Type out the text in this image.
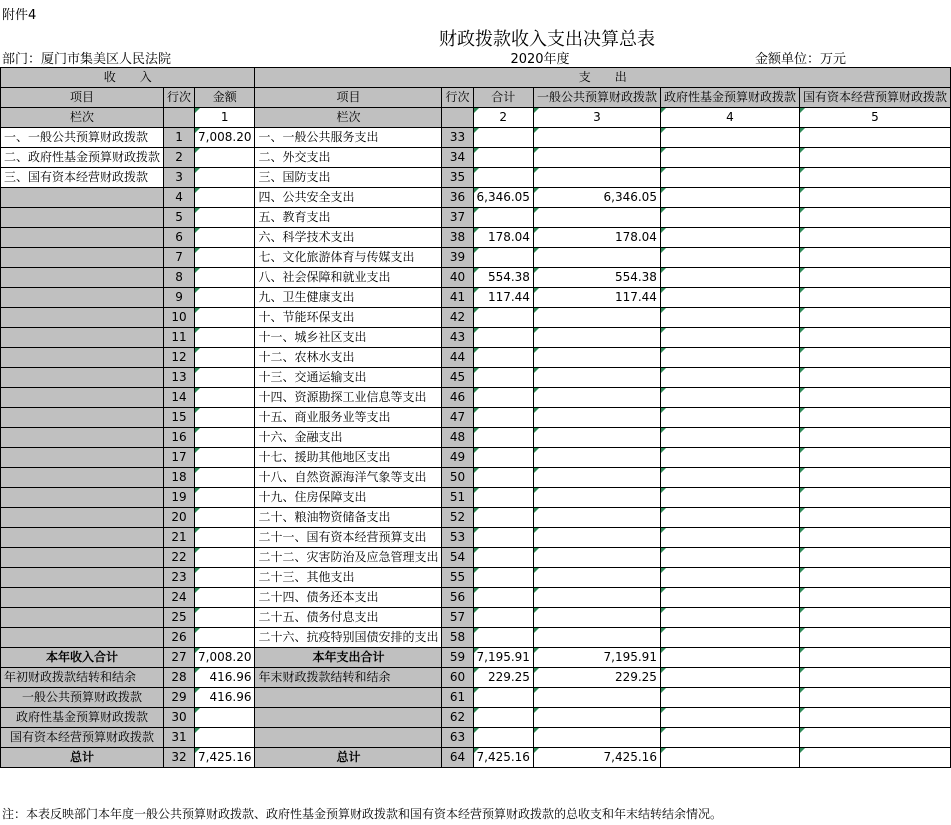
附件4
财政拨款收入支出决算总表
部门：厦门市集美区人民法院	2020年度	金额单位：万元
收　　入			支　　出					
项目	行次	金额	项目	行次	合计	一般公共预算财政拨款	政府性基金预算财政拨款	国有资本经营预算财政拨款
栏次		1	栏次		2	3	4	5
一、一般公共预算财政拨款	1	7,008.20	一、一般公共服务支出	33				
二、政府性基金预算财政拨款	2		二、外交支出	34				
三、国有资本经营财政拨款	3		三、国防支出	35				
	4		四、公共安全支出	36	6,346.05	6,346.05		
	5		五、教育支出	37				
	6		六、科学技术支出	38	178.04	178.04		
	7		七、文化旅游体育与传媒支出	39				
	8		八、社会保障和就业支出	40	554.38	554.38		
	9		九、卫生健康支出	41	117.44	117.44		
	10		十、节能环保支出	42				
	11		十一、城乡社区支出	43				
	12		十二、农林水支出	44				
	13		十三、交通运输支出	45				
	14		十四、资源勘探工业信息等支出	46				
	15		十五、商业服务业等支出	47				
	16		十六、金融支出	48				
	17		十七、援助其他地区支出	49				
	18		十八、自然资源海洋气象等支出	50				
	19		十九、住房保障支出	51				
	20		二十、粮油物资储备支出	52				
	21		二十一、国有资本经营预算支出	53				
	22		二十二、灾害防治及应急管理支出	54				
	23		二十三、其他支出	55				
	24		二十四、债务还本支出	56				
	25		二十五、债务付息支出	57				
	26		二十六、抗疫特别国债安排的支出	58				
本年收入合计	27	7,008.20	本年支出合计	59	7,195.91	7,195.91		
年初财政拨款结转和结余	28	416.96	年末财政拨款结转和结余	60	229.25	229.25		
一般公共预算财政拨款	29	416.96		61				
政府性基金预算财政拨款	30			62				
国有资本经营预算财政拨款	31			63				
总计	32	7,425.16	总计	64	7,425.16	7,425.16		
注：本表反映部门本年度一般公共预算财政拨款、政府性基金预算财政拨款和国有资本经营预算财政拨款的总收支和年末结转结余情况。
